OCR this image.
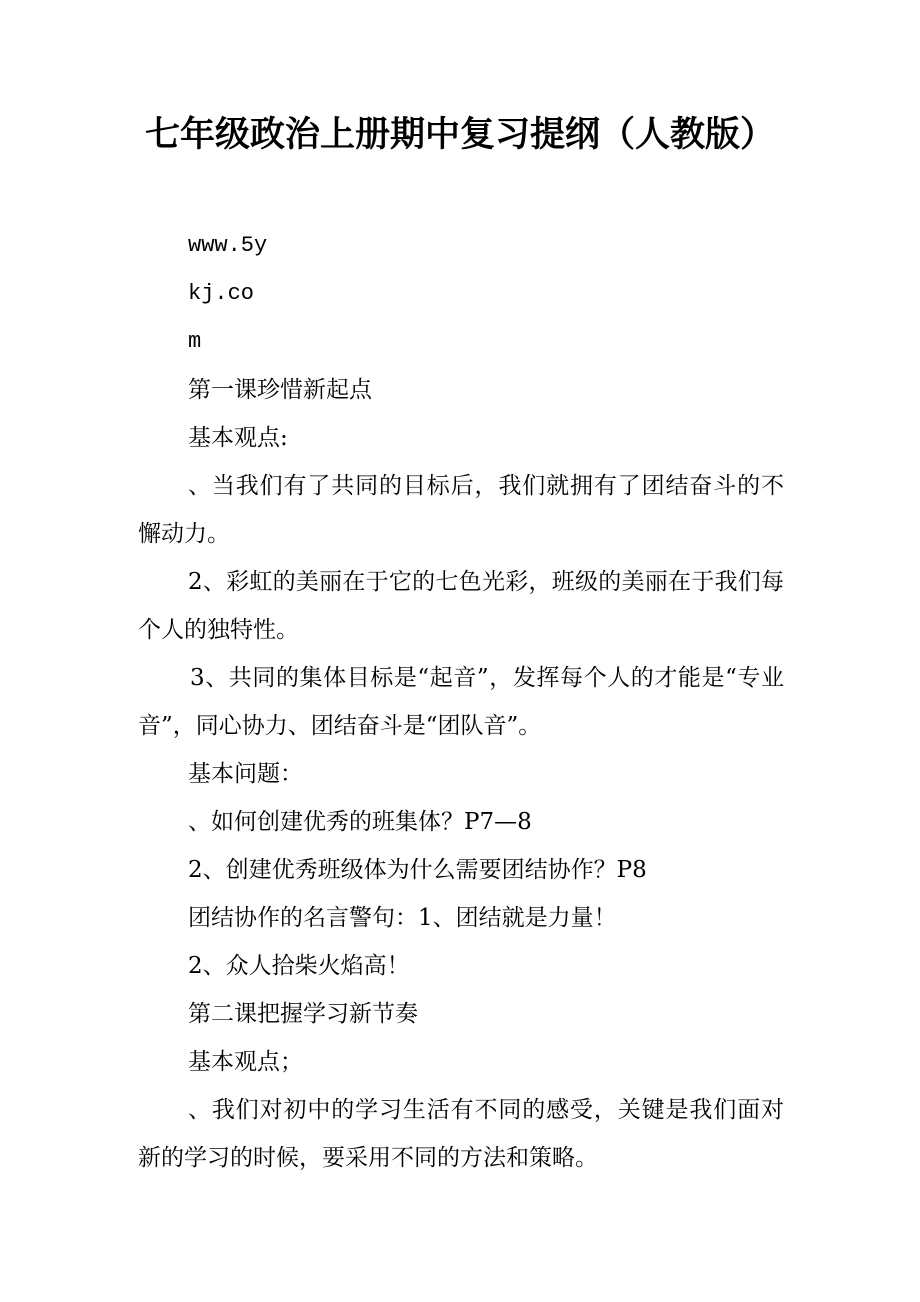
七年级政治上册期中复习提纲（人教版）

www.5y

kj.co

m

第一课珍惜新起点

基本观点:

、当我们有了共同的目标后，我们就拥有了团结奋斗的不懈动力。

2、彩虹的美丽在于它的七色光彩，班级的美丽在于我们每个人的独特性。

3、共同的集体目标是“起音”，发挥每个人的才能是“专业音”，同心协力、团结奋斗是“团队音”。

基本问题：

、如何创建优秀的班集体？P7—8

2、创建优秀班级体为什么需要团结协作？P8

团结协作的名言警句：1、团结就是力量！

2、众人拾柴火焰高！

第二课把握学习新节奏

基本观点；

、我们对初中的学习生活有不同的感受，关键是我们面对新的学习的时候，要采用不同的方法和策略。
